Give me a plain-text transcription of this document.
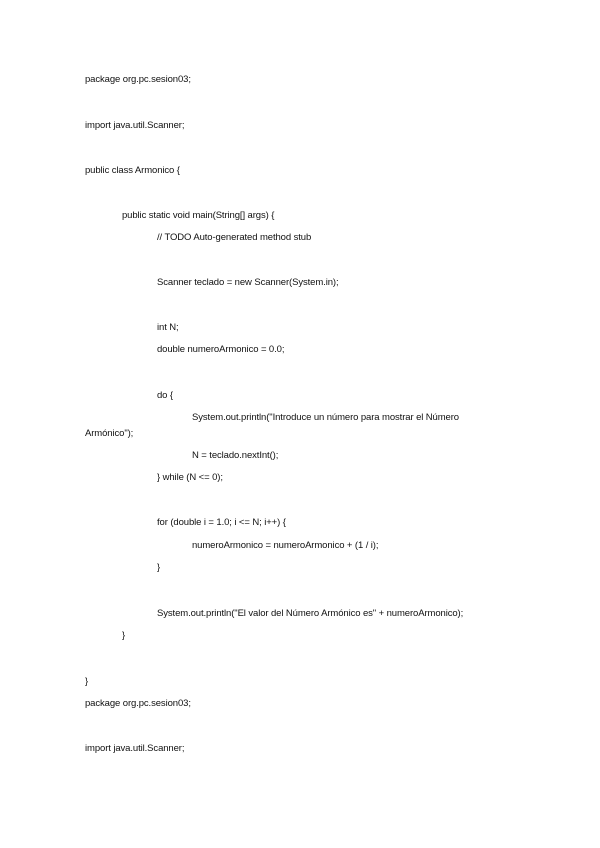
package org.pc.sesion03;
import java.util.Scanner;
public class Armonico {
public static void main(String[] args) {
// TODO Auto-generated method stub
Scanner teclado = new Scanner(System.in);
int N;
double numeroArmonico = 0.0;
do {
System.out.println("Introduce un número para mostrar el Número
Armónico");
N = teclado.nextInt();
} while (N <= 0);
for (double i = 1.0; i <= N; i++) {
numeroArmonico = numeroArmonico + (1 / i);
}
System.out.println("El valor del Número Armónico es" + numeroArmonico);
}
}
package org.pc.sesion03;
import java.util.Scanner;
